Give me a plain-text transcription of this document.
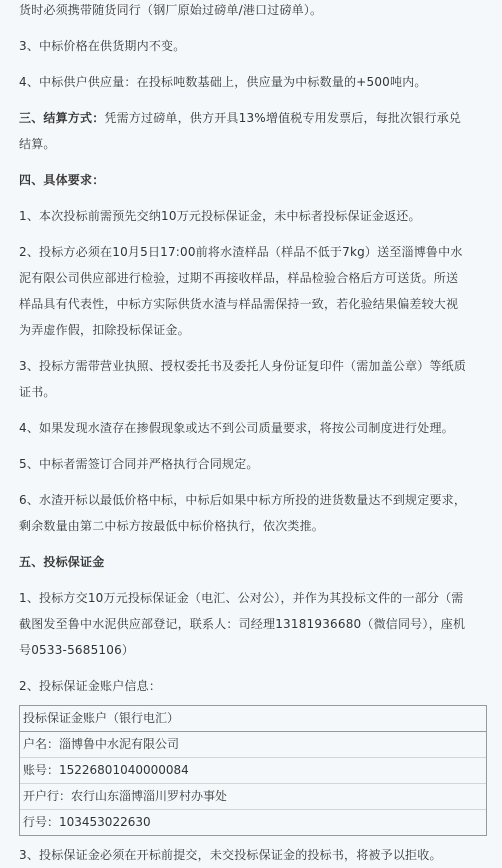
货时必须携带随货同行（钢厂原始过磅单/港口过磅单）。

3、中标价格在供货期内不变。

4、中标供户供应量：在投标吨数基础上，供应量为中标数量的+500吨内。

三、结算方式：凭需方过磅单，供方开具13%增值税专用发票后，每批次银行承兑

结算。

四、具体要求：

1、本次投标前需预先交纳10万元投标保证金，未中标者投标保证金返还。

2、投标方必须在10月5日17:00前将水渣样品（样品不低于7kg）送至淄博鲁中水

泥有限公司供应部进行检验，过期不再接收样品，样品检验合格后方可送货。所送

样品具有代表性，中标方实际供货水渣与样品需保持一致，若化验结果偏差较大视

为弄虚作假，扣除投标保证金。

3、投标方需带营业执照、授权委托书及委托人身份证复印件（需加盖公章）等纸质

证书。

4、如果发现水渣存在掺假现象或达不到公司质量要求，将按公司制度进行处理。

5、中标者需签订合同并严格执行合同规定。

6、水渣开标以最低价格中标，中标后如果中标方所投的进货数量达不到规定要求，

剩余数量由第二中标方按最低中标价格执行，依次类推。

五、投标保证金

1、投标方交10万元投标保证金（电汇、公对公），并作为其投标文件的一部分（需

截图发至鲁中水泥供应部登记，联系人：司经理13181936680（微信同号），座机

号0533-5685106）

2、投标保证金账户信息：

投标保证金账户（银行电汇）
户名：淄博鲁中水泥有限公司
账号：15226801040000084
开户行：农行山东淄博淄川罗村办事处
行号：103453022630

3、投标保证金必须在开标前提交，未交投标保证金的投标书，将被予以拒收。
